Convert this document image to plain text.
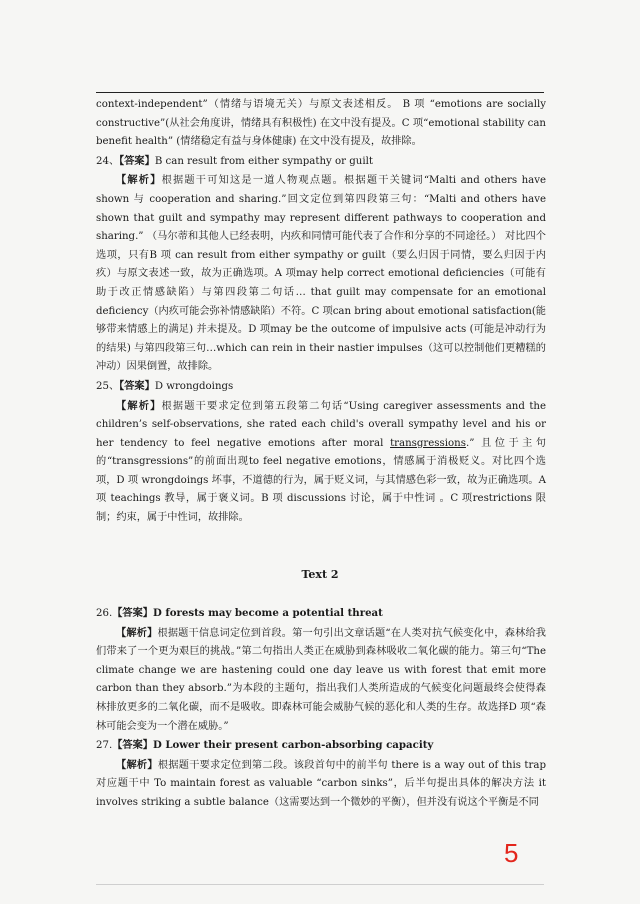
context-independent”（情绪与语境无关）与原文表述相反。 B 项 “emotions are socially constructive”(从社会角度讲，情绪具有积极性) 在文中没有提及。C 项“emotional stability can benefit health” (情绪稳定有益与身体健康) 在文中没有提及，故排除。

24、【答案】B can result from either sympathy or guilt

【解析】根据题干可知这是一道人物观点题。根据题干关键词“Malti and others have shown 与 cooperation and sharing.”回文定位到第四段第三句：“Malti and others have shown that guilt and sympathy may represent different pathways to cooperation and sharing.” （马尔蒂和其他人已经表明，内疚和同情可能代表了合作和分享的不同途径。） 对比四个选项，只有B 项 can result from either sympathy or guilt（要么归因于同情，要么归因于内疚）与原文表述一致，故为正确选项。A 项may help correct emotional deficiencies（可能有助于改正情感缺陷）与第四段第二句话… that guilt may compensate for an emotional deficiency（内疚可能会弥补情感缺陷）不符。C 项can bring about emotional satisfaction(能够带来情感上的满足) 并未提及。D 项may be the outcome of impulsive acts (可能是冲动行为的结果) 与第四段第三句…which can rein in their nastier impulses（这可以控制他们更糟糕的冲动）因果倒置，故排除。

25、【答案】D wrongdoings

【解析】根据题干要求定位到第五段第二句话“Using caregiver assessments and the children’s self-observations, she rated each child's overall sympathy level and his or her tendency to feel negative emotions after moral transgressions.” 且位于主句的“transgressions”的前面出现to feel negative emotions，情感属于消极贬义。对比四个选项，D 项 wrongdoings 坏事，不道德的行为，属于贬义词，与其情感色彩一致，故为正确选项。A 项 teachings 教导，属于褒义词。B 项 discussions 讨论，属于中性词 。C 项restrictions 限制；约束，属于中性词，故排除。

Text 2

26.【答案】D forests may become a potential threat

【解析】根据题干信息词定位到首段。第一句引出文章话题“在人类对抗气候变化中，森林给我们带来了一个更为艰巨的挑战。”第二句指出人类正在威胁到森林吸收二氧化碳的能力。第三句“The climate change we are hastening could one day leave us with forest that emit more carbon than they absorb.”为本段的主题句，指出我们人类所造成的气候变化问题最终会使得森林排放更多的二氧化碳，而不是吸收。即森林可能会威胁气候的恶化和人类的生存。故选择D 项“森林可能会变为一个潜在威胁。”

27.【答案】D Lower their present carbon-absorbing capacity

【解析】根据题干要求定位到第二段。该段首句中的前半句 there is a way out of this trap 对应题干中 To maintain forest as valuable “carbon sinks”，后半句提出具体的解决方法 it involves striking a subtle balance（这需要达到一个微妙的平衡），但并没有说这个平衡是不同

5
